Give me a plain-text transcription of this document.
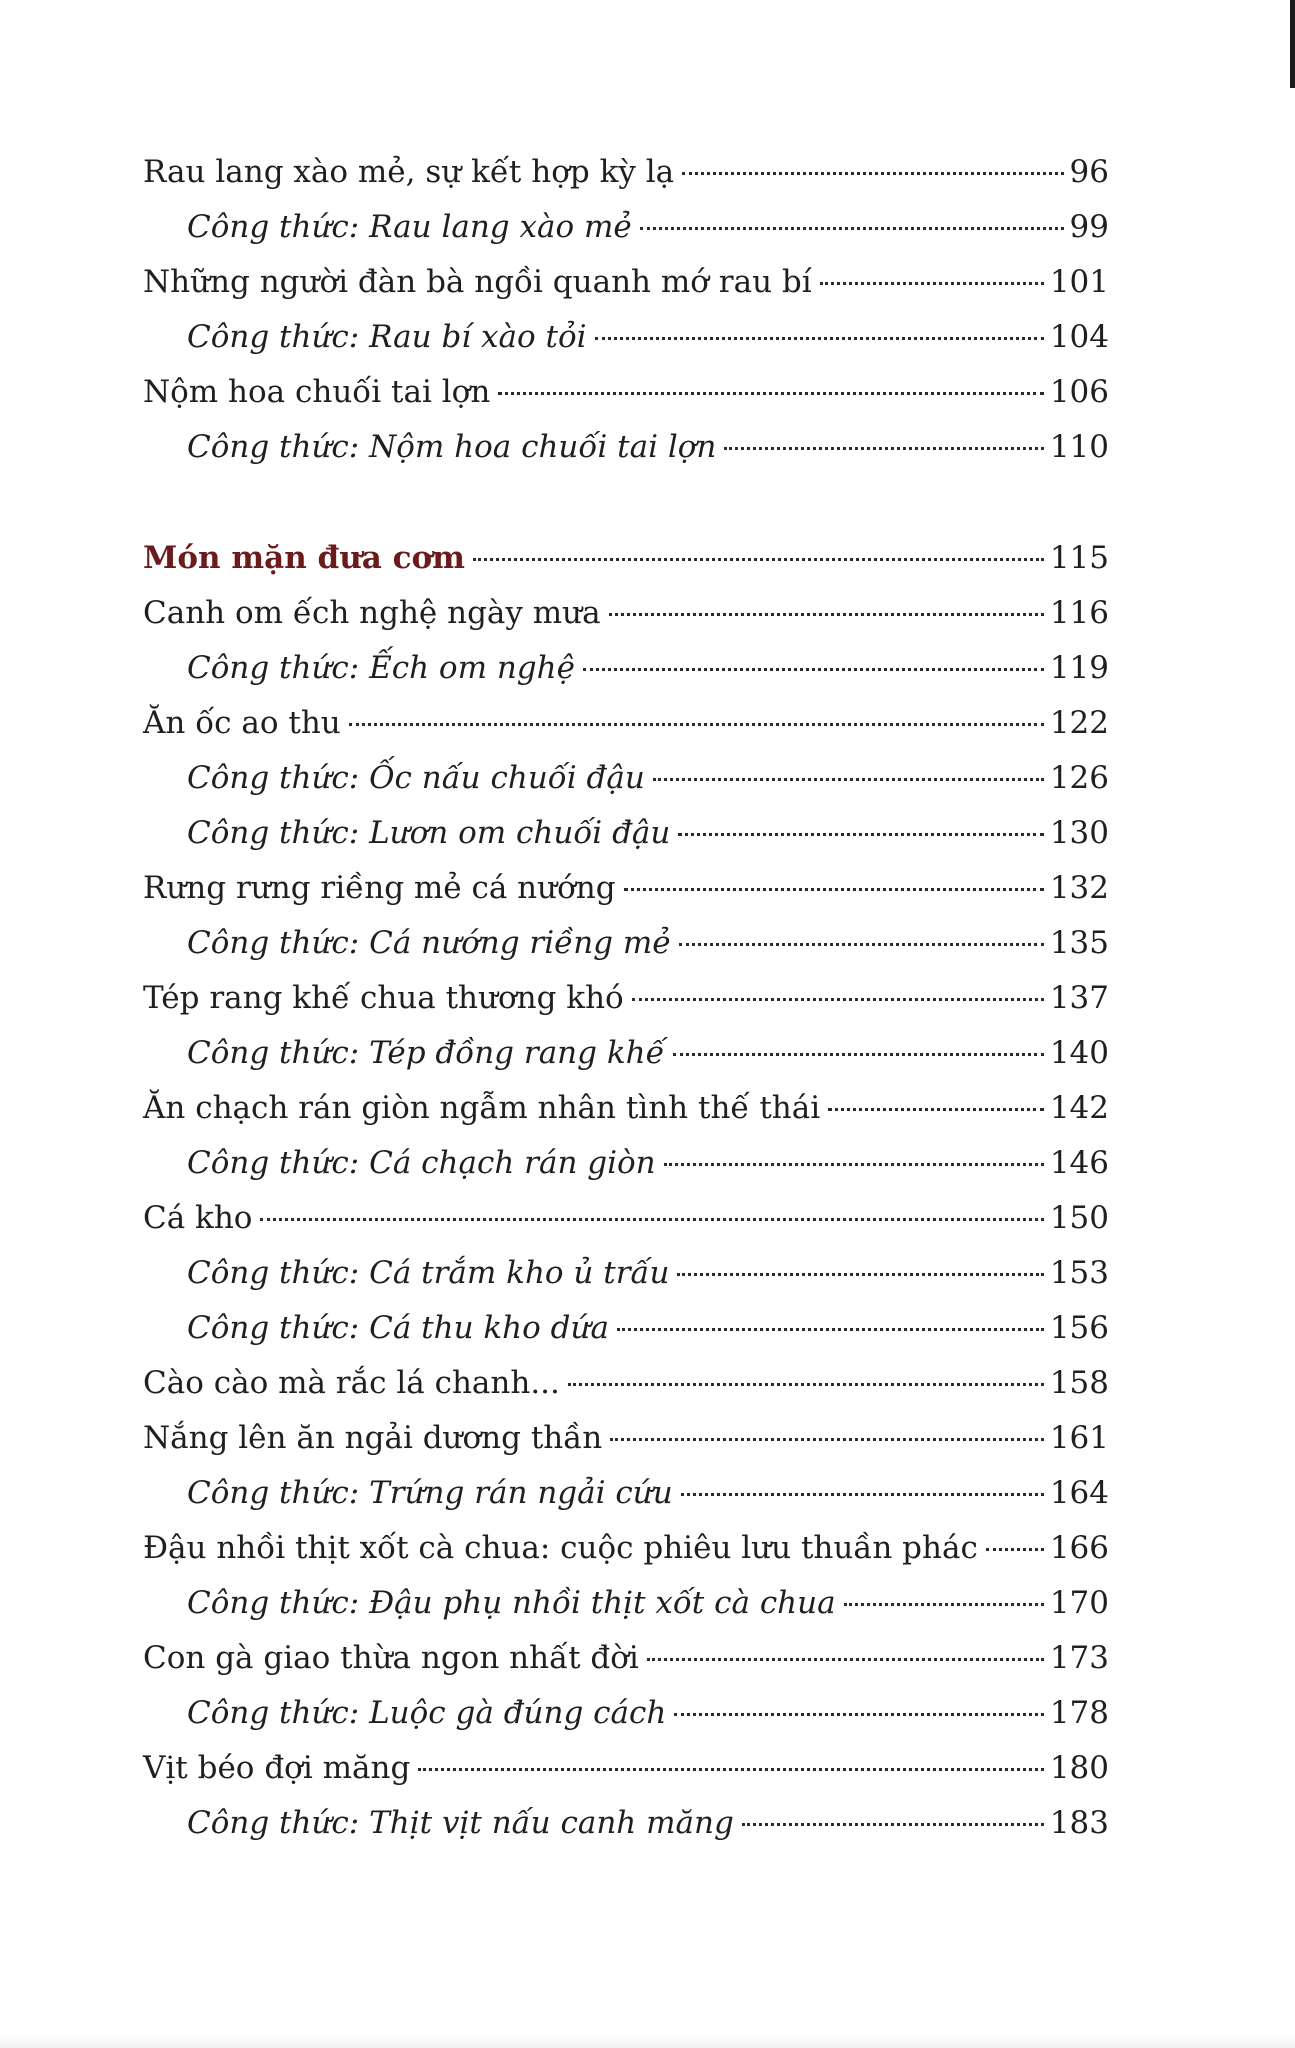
Rau lang xào mẻ, sự kết hợp kỳ lạ	96
Công thức: Rau lang xào mẻ	99
Những người đàn bà ngồi quanh mớ rau bí	101
Công thức: Rau bí xào tỏi	104
Nộm hoa chuối tai lợn	106
Công thức: Nộm hoa chuối tai lợn	110
Món mặn đưa cơm	115
Canh om ếch nghệ ngày mưa	116
Công thức: Ếch om nghệ	119
Ăn ốc ao thu	122
Công thức: Ốc nấu chuối đậu	126
Công thức: Lươn om chuối đậu	130
Rưng rưng riềng mẻ cá nướng	132
Công thức: Cá nướng riềng mẻ	135
Tép rang khế chua thương khó	137
Công thức: Tép đồng rang khế	140
Ăn chạch rán giòn ngẫm nhân tình thế thái	142
Công thức: Cá chạch rán giòn	146
Cá kho	150
Công thức: Cá trắm kho ủ trấu	153
Công thức: Cá thu kho dứa	156
Cào cào mà rắc lá chanh...	158
Nắng lên ăn ngải dương thần	161
Công thức: Trứng rán ngải cứu	164
Đậu nhồi thịt xốt cà chua: cuộc phiêu lưu thuần phác 166
Công thức: Đậu phụ nhồi thịt xốt cà chua	170
Con gà giao thừa ngon nhất đời	173
Công thức: Luộc gà đúng cách	178
Vịt béo đợi măng	180
Công thức: Thịt vịt nấu canh măng	183
